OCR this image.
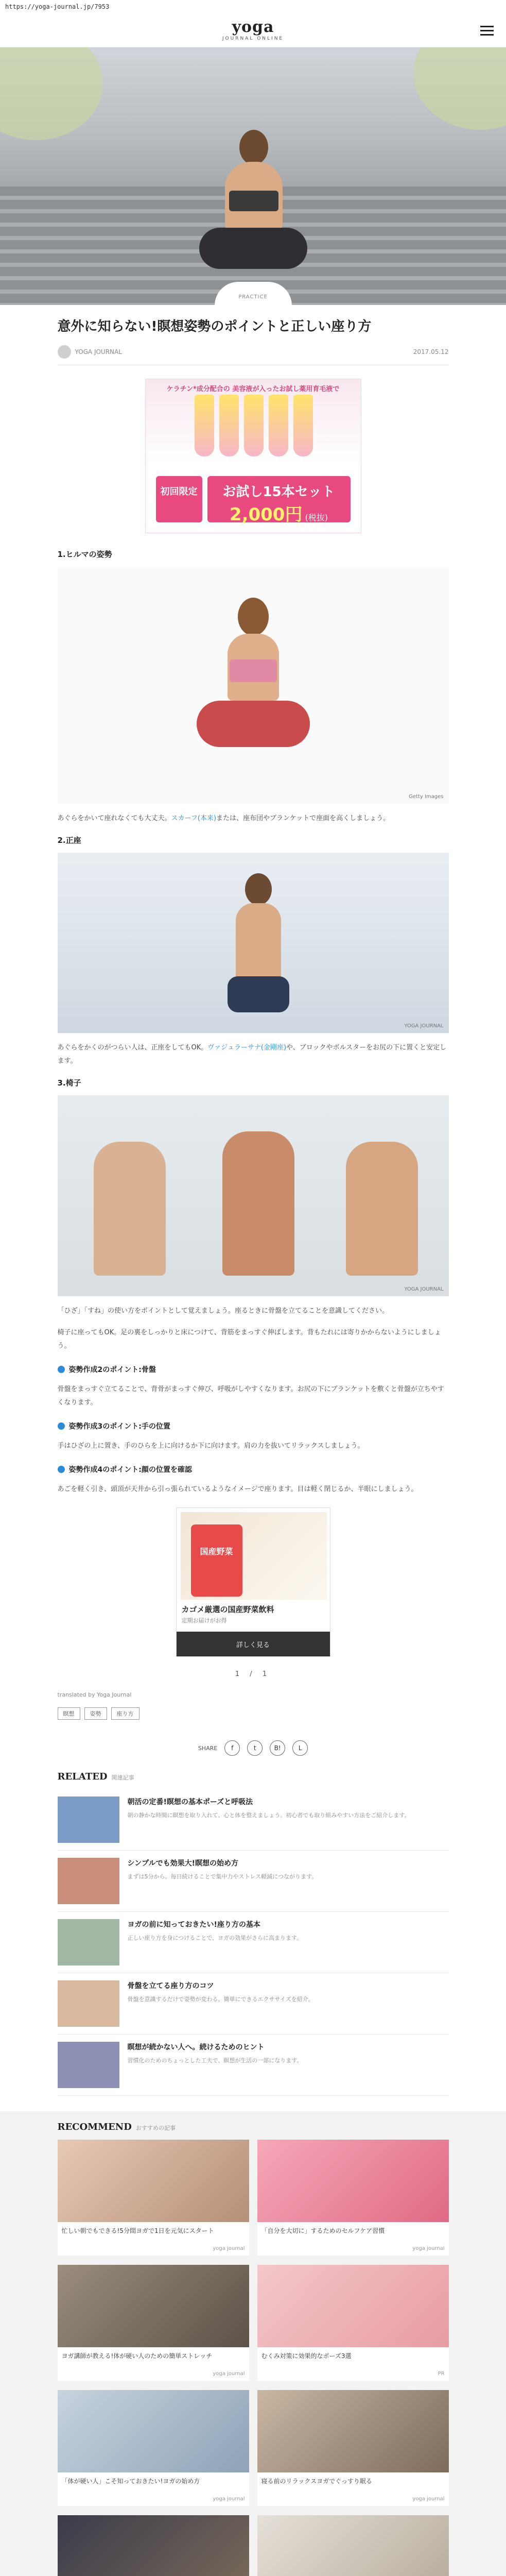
https://yoga-journal.jp/7953
yoga
JOURNAL ONLINE
PRACTICE
意外に知らない!瞑想姿勢のポイントと正しい座り方
YOGA JOURNAL	2017.05.12
ケラチン*成分配合の 美容液が入ったお試し薬用育毛液で
初回限定	お試し15本セット
2,000円 (税抜)
1.ヒルマの姿勢
Getty Images

あぐらをかいて座れなくても大丈夫。スカーフ(本来)または、座布団やブランケットで座面を高くしましょう。

2.正座
YOGA JOURNAL

あぐらをかくのがつらい人は、正座をしてもOK。ヴァジュラーサナ(金剛座)や、ブロックやボルスターをお尻の下に置くと安定します。

3.椅子
YOGA JOURNAL

「ひざ」「すね」の使い方をポイントとして覚えましょう。座るときに骨盤を立てることを意識してください。

椅子に座ってもOK。足の裏をしっかりと床につけて、背筋をまっすぐ伸ばします。背もたれには寄りかからないようにしましょう。

姿勢作成2のポイント:骨盤

骨盤をまっすぐ立てることで、背骨がまっすぐ伸び、呼吸がしやすくなります。お尻の下にブランケットを敷くと骨盤が立ちやすくなります。

姿勢作成3のポイント:手の位置

手はひざの上に置き、手のひらを上に向けるか下に向けます。肩の力を抜いてリラックスしましょう。

姿勢作成4のポイント:顔の位置を確認

あごを軽く引き、頭頂が天井から引っ張られているようなイメージで座ります。目は軽く閉じるか、半眼にしましょう。

国産野菜
カゴメ厳選の国産野菜飲料
定期お届けがお得
詳しく見る
1 / 1
translated by Yoga Journal
瞑想	姿勢	座り方
SHARE	f	t	B!	L
RELATED 関連記事
朝活の定番!瞑想の基本ポーズと呼吸法
朝の静かな時間に瞑想を取り入れて、心と体を整えましょう。初心者でも取り組みやすい方法をご紹介します。
シンプルでも効果大!瞑想の始め方
まずは5分から。毎日続けることで集中力やストレス軽減につながります。
ヨガの前に知っておきたい!座り方の基本
正しい座り方を身につけることで、ヨガの効果がさらに高まります。
骨盤を立てる座り方のコツ
骨盤を意識するだけで姿勢が変わる。簡単にできるエクササイズを紹介。
瞑想が続かない人へ。続けるためのヒント
習慣化のためのちょっとした工夫で、瞑想が生活の一部になります。
RECOMMEND おすすめの記事
忙しい朝でもできる!5分間ヨガで1日を元気にスタート
yoga journal
「自分を大切に」するためのセルフケア習慣
yoga journal
ヨガ講師が教える!体が硬い人のための簡単ストレッチ
yoga journal
むくみ対策に効果的なポーズ3選
PR
「体が硬い人」こそ知っておきたい!ヨガの始め方
yoga journal
寝る前のリラックスヨガでぐっすり眠る
yoga journal
